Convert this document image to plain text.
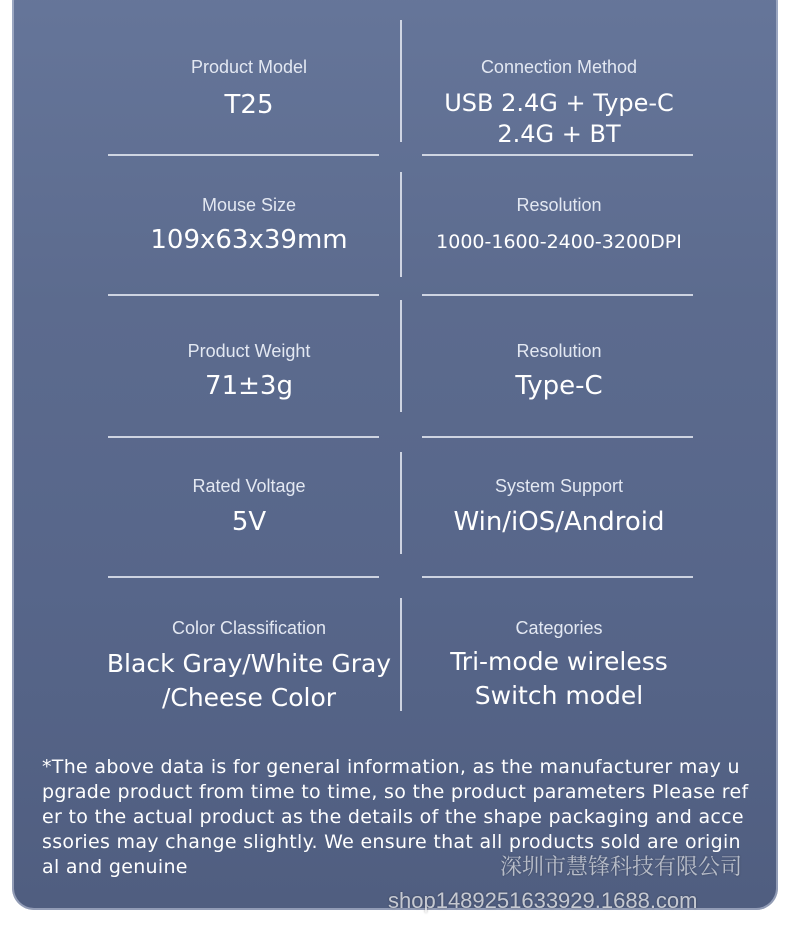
Product Model
T25
Connection Method
USB 2.4G + Type-C
2.4G + BT
Mouse Size
109x63x39mm
Resolution
1000-1600-2400-3200DPI
Product Weight
71±3g
Resolution
Type-C
Rated Voltage
5V
System Support
Win/iOS/Android
Color Classification
Black Gray/White Gray
/Cheese Color
Categories
Tri-mode wireless
Switch model
*The above data is for general information, as the manufacturer may upgrade product from time to time, so the product parameters Please refer to the actual product as the details of the shape packaging and accessories may change slightly. We ensure that all products sold are original and genuine	深圳市慧锋科技有限公司
shop1489251633929.1688.com
